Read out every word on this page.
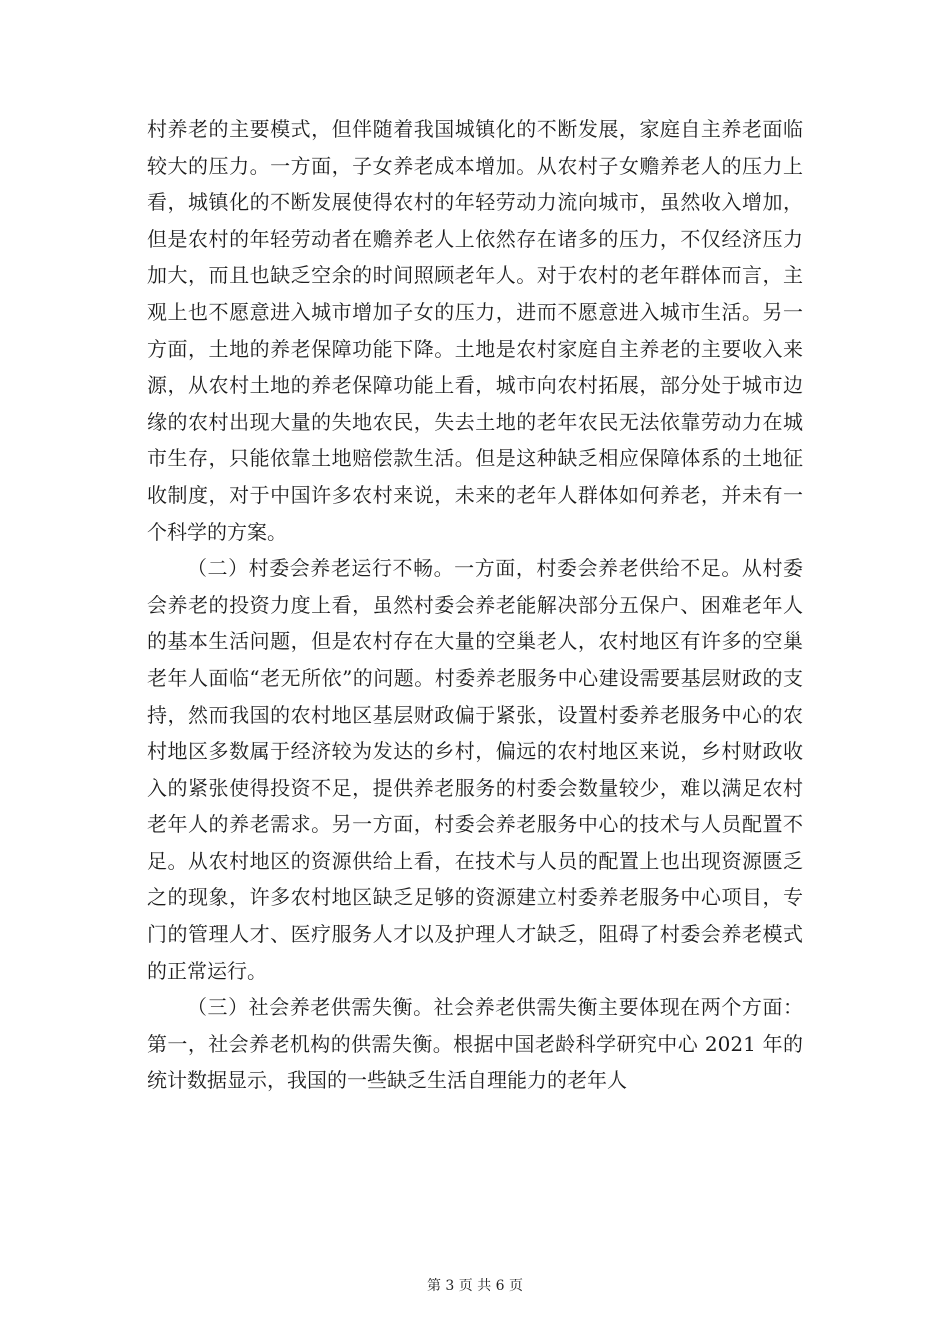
村养老的主要模式，但伴随着我国城镇化的不断发展，家庭自主养老面临较大的压力。一方面，子女养老成本增加。从农村子女赡养老人的压力上看，城镇化的不断发展使得农村的年轻劳动力流向城市，虽然收入增加，但是农村的年轻劳动者在赡养老人上依然存在诸多的压力，不仅经济压力加大，而且也缺乏空余的时间照顾老年人。对于农村的老年群体而言，主观上也不愿意进入城市增加子女的压力，进而不愿意进入城市生活。另一方面，土地的养老保障功能下降。土地是农村家庭自主养老的主要收入来源，从农村土地的养老保障功能上看，城市向农村拓展，部分处于城市边缘的农村出现大量的失地农民，失去土地的老年农民无法依靠劳动力在城市生存，只能依靠土地赔偿款生活。但是这种缺乏相应保障体系的土地征收制度，对于中国许多农村来说，未来的老年人群体如何养老，并未有一个科学的方案。

（二）村委会养老运行不畅。一方面，村委会养老供给不足。从村委会养老的投资力度上看，虽然村委会养老能解决部分五保户、困难老年人的基本生活问题，但是农村存在大量的空巢老人，农村地区有许多的空巢老年人面临“老无所依”的问题。村委养老服务中心建设需要基层财政的支持，然而我国的农村地区基层财政偏于紧张，设置村委养老服务中心的农村地区多数属于经济较为发达的乡村，偏远的农村地区来说，乡村财政收入的紧张使得投资不足，提供养老服务的村委会数量较少，难以满足农村老年人的养老需求。另一方面，村委会养老服务中心的技术与人员配置不足。从农村地区的资源供给上看，在技术与人员的配置上也出现资源匮乏之的现象，许多农村地区缺乏足够的资源建立村委养老服务中心项目，专门的管理人才、医疗服务人才以及护理人才缺乏，阻碍了村委会养老模式的正常运行。

（三）社会养老供需失衡。社会养老供需失衡主要体现在两个方面：第一，社会养老机构的供需失衡。根据中国老龄科学研究中心 2021 年的统计数据显示，我国的一些缺乏生活自理能力的老年人

第 3 页 共 6 页
